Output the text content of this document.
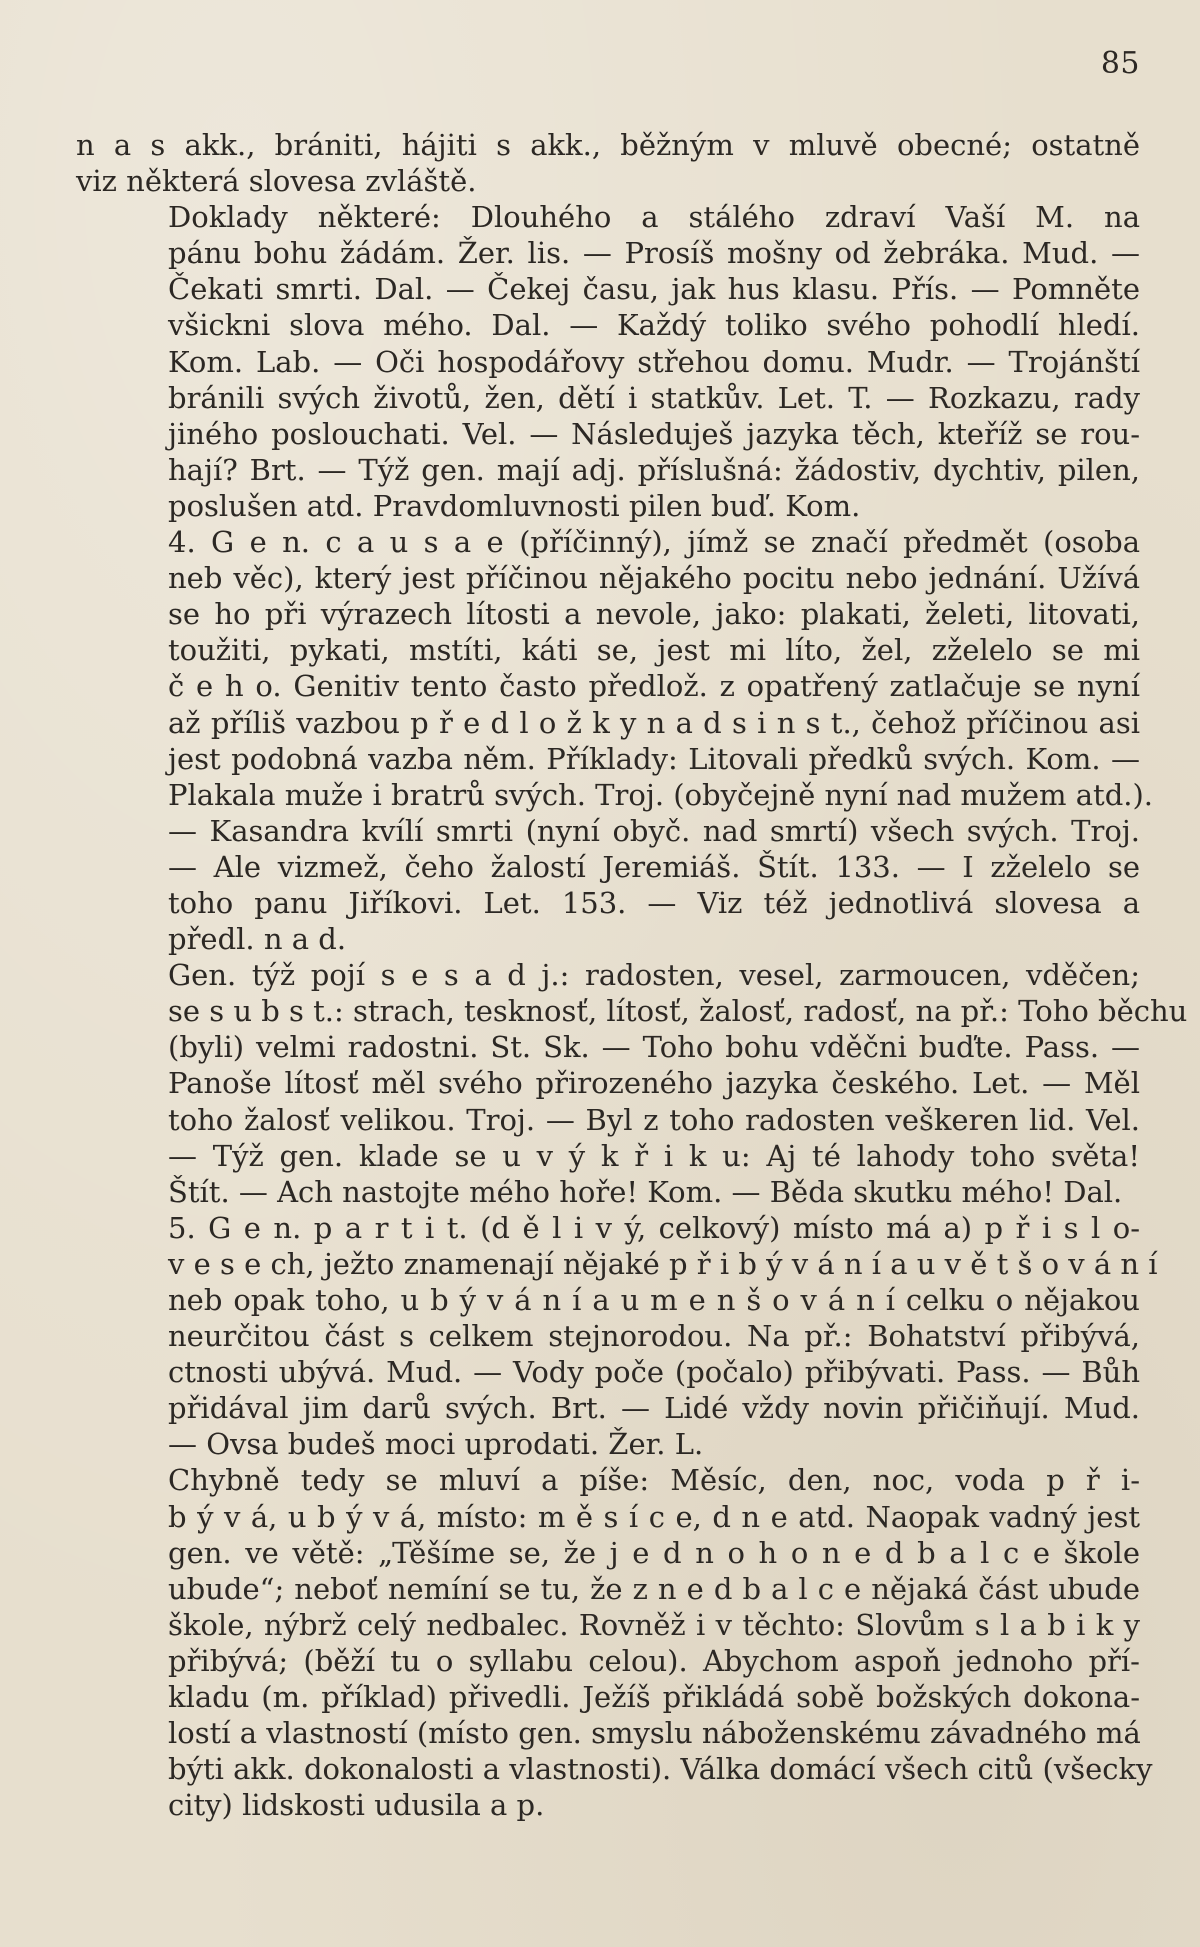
85
n a s akk., brániti, hájiti s akk., běžným v mluvě obecné; ostatně
viz některá slovesa zvláště.
Doklady některé: Dlouhého a stálého zdraví Vaší M. na
pánu bohu žádám. Žer. lis. — Prosíš mošny od žebráka. Mud. —
Čekati smrti. Dal. — Čekej času, jak hus klasu. Přís. — Pomněte
všickni slova mého. Dal. — Každý toliko svého pohodlí hledí.
Kom. Lab. — Oči hospodářovy střehou domu. Mudr. — Trojánští
bránili svých životů, žen, dětí i statkův. Let. T. — Rozkazu, rady
jiného poslouchati. Vel. — Následuješ jazyka těch, kteříž se rou-
hají? Brt. — Týž gen. mají adj. příslušná: žádostiv, dychtiv, pilen,
poslušen atd. Pravdomluvnosti pilen buď. Kom.
4. G e n. c a u s a e (příčinný), jímž se značí předmět (osoba
neb věc), který jest příčinou nějakého pocitu nebo jednání. Užívá
se ho při výrazech lítosti a nevole, jako: plakati, želeti, litovati,
toužiti, pykati, mstíti, káti se, jest mi líto, žel, zželelo se mi
č e h o. Genitiv tento často předlož. z opatřený zatlačuje se nyní
až příliš vazbou p ř e d l o ž k y n a d s i n s t., čehož příčinou asi
jest podobná vazba něm. Příklady: Litovali předků svých. Kom. —
Plakala muže i bratrů svých. Troj. (obyčejně nyní nad mužem atd.).
— Kasandra kvílí smrti (nyní obyč. nad smrtí) všech svých. Troj.
— Ale vizmež, čeho žalostí Jeremiáš. Štít. 133. — I zželelo se
toho panu Jiříkovi. Let. 153. — Viz též jednotlivá slovesa a
předl. n a d.
Gen. týž pojí s e s a d j.: radosten, vesel, zarmoucen, vděčen;
se s u b s t.: strach, tesknosť, lítosť, žalosť, radosť, na př.: Toho běchu
(byli) velmi radostni. St. Sk. — Toho bohu vděčni buďte. Pass. —
Panoše lítosť měl svého přirozeného jazyka českého. Let. — Měl
toho žalosť velikou. Troj. — Byl z toho radosten veškeren lid. Vel.
— Týž gen. klade se u v ý k ř i k u: Aj té lahody toho světa!
Štít. — Ach nastojte mého hoře! Kom. — Běda skutku mého! Dal.
5. G e n. p a r t i t. (d ě l i v ý, celkový) místo má a) p ř i s l o-
v e s e ch, ježto znamenají nějaké p ř i b ý v á n í a u v ě t š o v á n í
neb opak toho, u b ý v á n í a u m e n š o v á n í celku o nějakou
neurčitou část s celkem stejnorodou. Na př.: Bohatství přibývá,
ctnosti ubývá. Mud. — Vody poče (počalo) přibývati. Pass. — Bůh
přidával jim darů svých. Brt. — Lidé vždy novin přičiňují. Mud.
— Ovsa budeš moci uprodati. Žer. L.
Chybně tedy se mluví a píše: Měsíc, den, noc, voda p ř i-
b ý v á, u b ý v á, místo: m ě s í c e, d n e atd. Naopak vadný jest
gen. ve větě: „Těšíme se, že j e d n o h o n e d b a l c e škole
ubude“; neboť nemíní se tu, že z n e d b a l c e nějaká část ubude
škole, nýbrž celý nedbalec. Rovněž i v těchto: Slovům s l a b i k y
přibývá; (běží tu o syllabu celou). Abychom aspoň jednoho pří-
kladu (m. příklad) přivedli. Ježíš přikládá sobě božských dokona-
lostí a vlastností (místo gen. smyslu náboženskému závadného má
býti akk. dokonalosti a vlastnosti). Válka domácí všech citů (všecky
city) lidskosti udusila a p.
